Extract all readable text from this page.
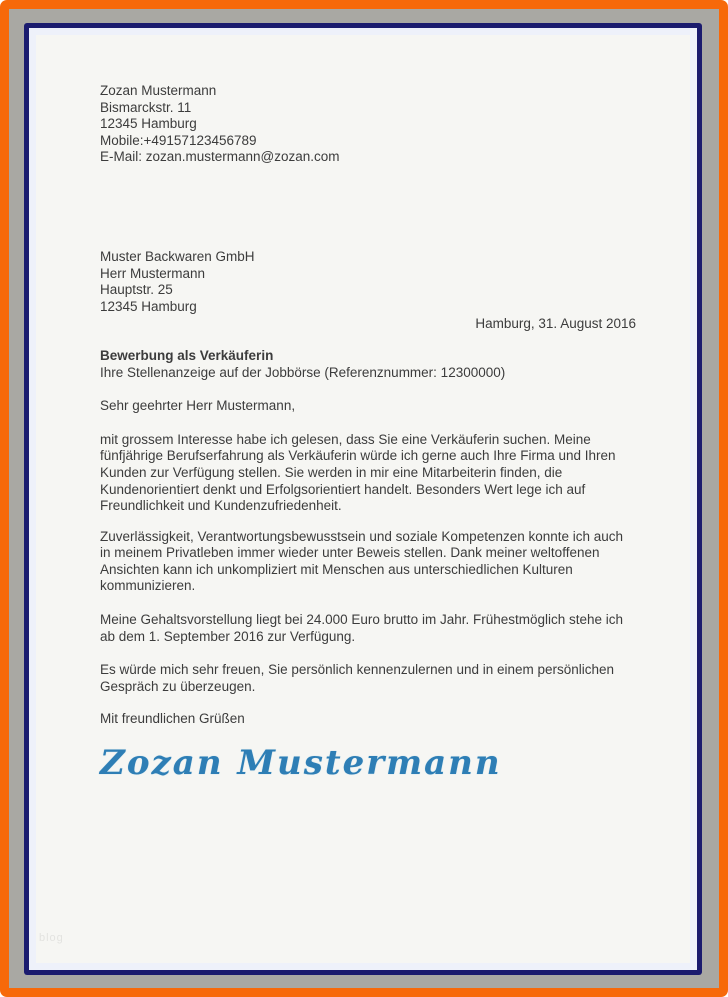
Zozan Mustermann
Bismarckstr. 11
12345 Hamburg
Mobile:+49157123456789
E-Mail: zozan.mustermann@zozan.com
Muster Backwaren GmbH
Herr Mustermann
Hauptstr. 25
12345 Hamburg
Hamburg, 31. August 2016
Bewerbung als Verkäuferin
Ihre Stellenanzeige auf der Jobbörse (Referenznummer: 12300000)
Sehr geehrter Herr Mustermann,

mit grossem Interesse habe ich gelesen, dass Sie eine Verkäuferin suchen. Meine fünfjährige Berufserfahrung als Verkäuferin würde ich gerne auch Ihre Firma und Ihren Kunden zur Verfügung stellen. Sie werden in mir eine Mitarbeiterin finden, die Kundenorientiert denkt und Erfolgsorientiert handelt. Besonders Wert lege ich auf Freundlichkeit und Kundenzufriedenheit.

Zuverlässigkeit, Verantwortungsbewusstsein und soziale Kompetenzen konnte ich auch in meinem Privatleben immer wieder unter Beweis stellen. Dank meiner weltoffenen Ansichten kann ich unkompliziert mit Menschen aus unterschiedlichen Kulturen kommunizieren.

Meine Gehaltsvorstellung liegt bei 24.000 Euro brutto im Jahr. Frühestmöglich stehe ich ab dem 1. September 2016 zur Verfügung.

Es würde mich sehr freuen, Sie persönlich kennenzulernen und in einem persönlichen Gespräch zu überzeugen.

Mit freundlichen Grüßen
Zozan Mustermann
blog
